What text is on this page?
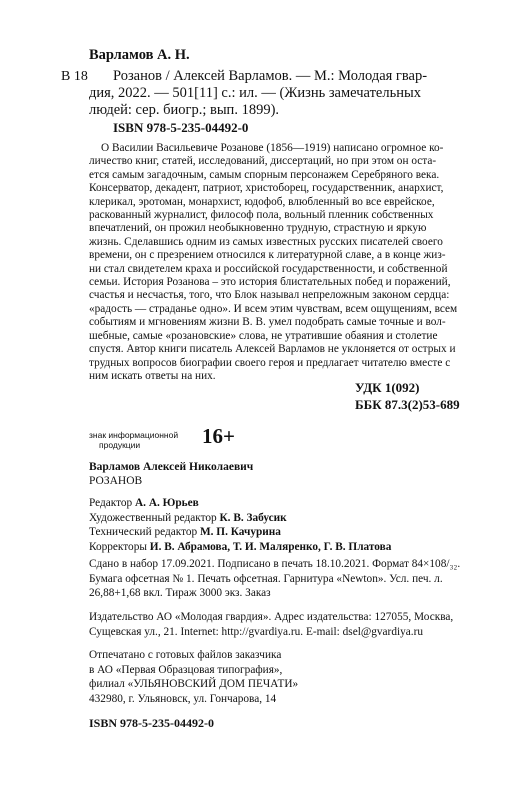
Варламов А. Н.
В 18	Розанов / Алексей Варламов. — М.: Молодая гвар-
дия, 2022. — 501[11] с.: ил. — (Жизнь замечательных
людей: сер. биогр.; вып. 1899).
ISBN 978-5-235-04492-0
О Василии Васильевиче Розанове (1856—1919) написано огромное ко-
личество книг, статей, исследований, диссертаций, но при этом он оста-
ется самым загадочным, самым спорным персонажем Серебряного века.
Консерватор, декадент, патриот, христоборец, государственник, анархист,
клерикал, эротоман, монархист, юдофоб, влюбленный во все еврейское,
раскованный журналист, философ пола, вольный пленник собственных
впечатлений, он прожил необыкновенно трудную, страстную и яркую
жизнь. Сделавшись одним из самых известных русских писателей своего
времени, он с презрением относился к литературной славе, а в конце жиз-
ни стал свидетелем краха и российской государственности, и собственной
семьи. История Розанова – это история блистательных побед и поражений,
счастья и несчастья, того, что Блок называл непреложным законом сердца:
«радость — страданье одно». И всем этим чувствам, всем ощущениям, всем
событиям и мгновениям жизни В. В. умел подобрать самые точные и вол-
шебные, самые «розановские» слова, не утратившие обаяния и столетие
спустя. Автор книги писатель Алексей Варламов не уклоняется от острых и
трудных вопросов биографии своего героя и предлагает читателю вместе с
ним искать ответы на них.
УДК 1(092)
ББК 87.3(2)53-689
знак информационной
продукции	16+
Варламов Алексей Николаевич
РОЗАНОВ
Редактор А. А. Юрьев
Художественный редактор К. В. Забусик
Технический редактор М. П. Качурина
Корректоры И. В. Абрамова, Т. И. Маляренко, Г. В. Платова
Сдано в набор 17.09.2021. Подписано в печать 18.10.2021. Формат 84×108/₃₂.
Бумага офсетная № 1. Печать офсетная. Гарнитура «Newton». Усл. печ. л.
26,88+1,68 вкл. Тираж 3000 экз. Заказ
Издательство АО «Молодая гвардия». Адрес издательства: 127055, Москва,
Сущевская ул., 21. Internet: http://gvardiya.ru. E-mail: dsel@gvardiya.ru
Отпечатано с готовых файлов заказчика
в АО «Первая Образцовая типография»,
филиал «УЛЬЯНОВСКИЙ ДОМ ПЕЧАТИ»
432980, г. Ульяновск, ул. Гончарова, 14
ISBN 978-5-235-04492-0
